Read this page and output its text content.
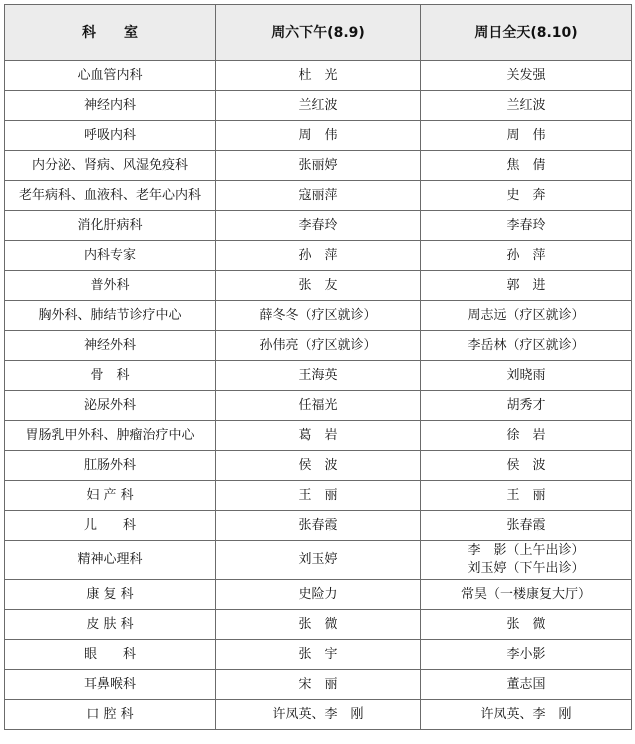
科　　室	周六下午(8.9)	周日全天(8.10)
心血管内科	杜　光	关发强
神经内科	兰红波	兰红波
呼吸内科	周　伟	周　伟
内分泌、肾病、风湿免疫科	张丽婷	焦　倩
老年病科、血液科、老年心内科	寇丽萍	史　奔
消化肝病科	李春玲	李春玲
内科专家	孙　萍	孙　萍
普外科	张　友	郭　进
胸外科、肺结节诊疗中心	薛冬冬（疗区就诊）	周志远（疗区就诊）
神经外科	孙伟亮（疗区就诊）	李岳林（疗区就诊）
骨　科	王海英	刘晓雨
泌尿外科	任福光	胡秀才
胃肠乳甲外科、肿瘤治疗中心	葛　岩	徐　岩
肛肠外科	侯　波	侯　波
妇 产 科	王　丽	王　丽
儿　　科	张春霞	张春霞
精神心理科	刘玉婷	李　影（上午出诊）
刘玉婷（下午出诊）

康 复 科	史险力	常昊（一楼康复大厅）
皮 肤 科	张　微	张　微
眼　　科	张　宇	李小影
耳鼻喉科	宋　丽	董志国
口 腔 科	许凤英、李　刚	许凤英、李　刚
